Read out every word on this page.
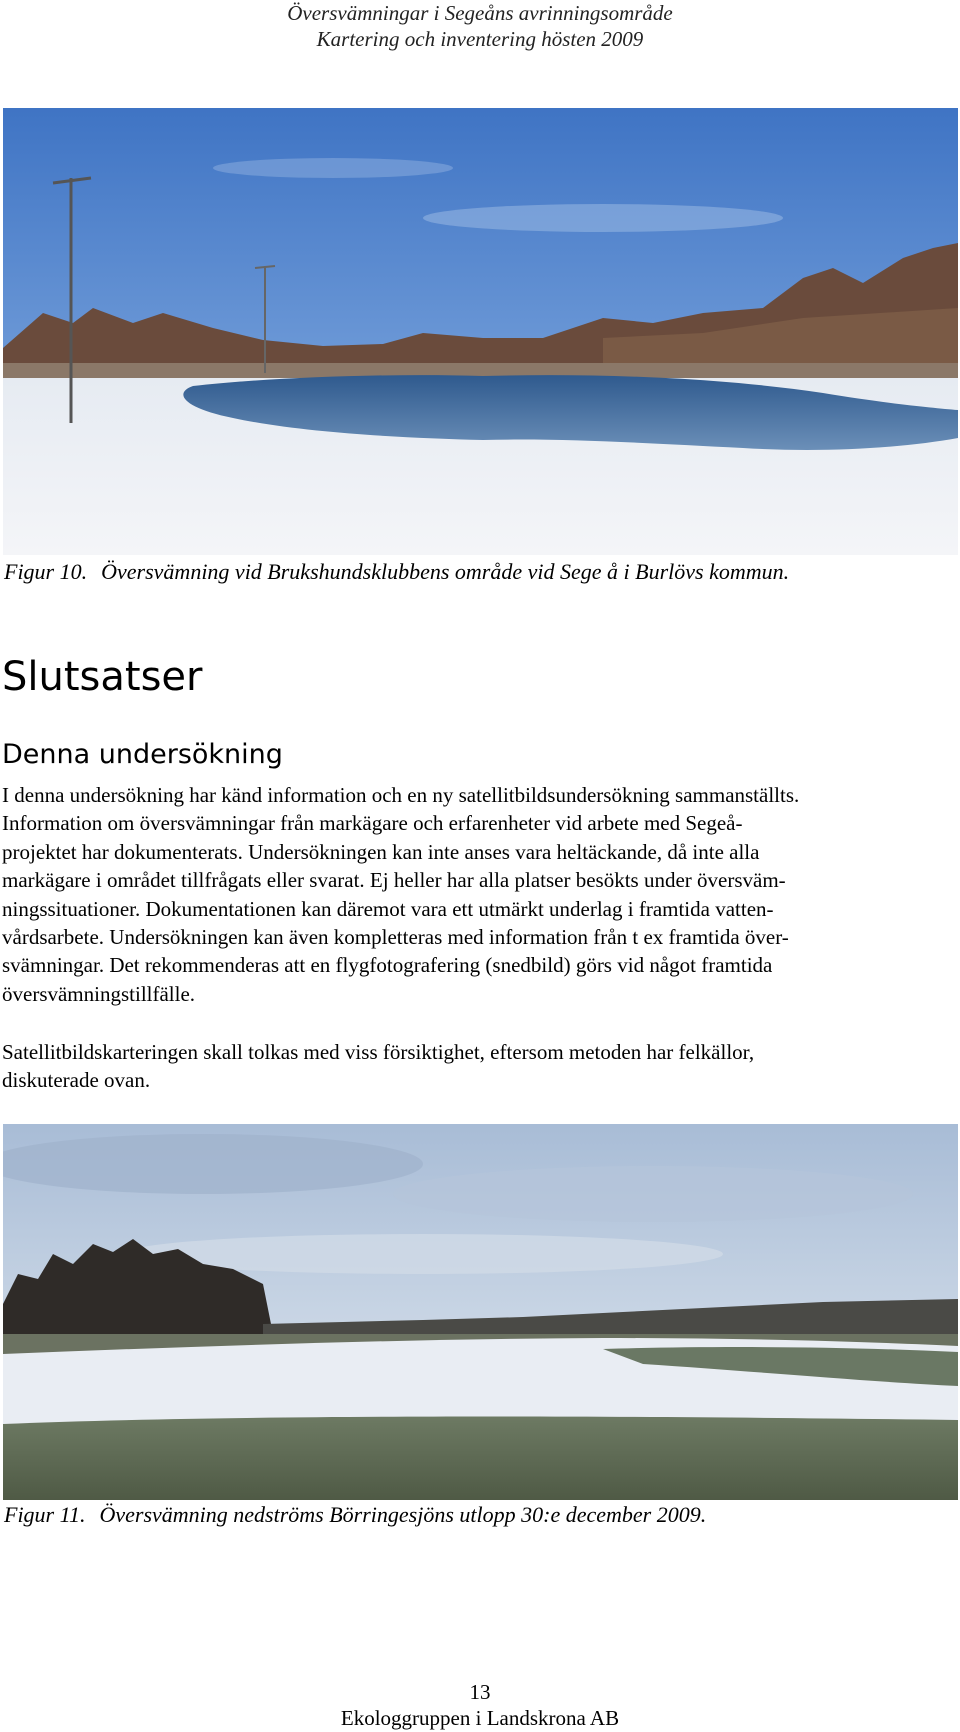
Översvämningar i Segeåns avrinningsområde
Kartering och inventering hösten 2009
Figur 10. Översvämning vid Brukshundsklubbens område vid Sege å i Burlövs kommun.
Slutsatser
Denna undersökning
I denna undersökning har känd information och en ny satellitbildsundersökning sammanställts.
Information om översvämningar från markägare och erfarenheter vid arbete med Segeå-
projektet har dokumenterats. Undersökningen kan inte anses vara heltäckande, då inte alla
markägare i området tillfrågats eller svarat. Ej heller har alla platser besökts under översväm-
ningssituationer. Dokumentationen kan däremot vara ett utmärkt underlag i framtida vatten-
vårdsarbete. Undersökningen kan även kompletteras med information från t ex framtida över-
svämningar. Det rekommenderas att en flygfotografering (snedbild) görs vid något framtida
översvämningstillfälle.
Satellitbildskarteringen skall tolkas med viss försiktighet, eftersom metoden har felkällor,
diskuterade ovan.
Figur 11. Översvämning nedströms Börringesjöns utlopp 30:e december 2009.
13
Ekologgruppen i Landskrona AB
